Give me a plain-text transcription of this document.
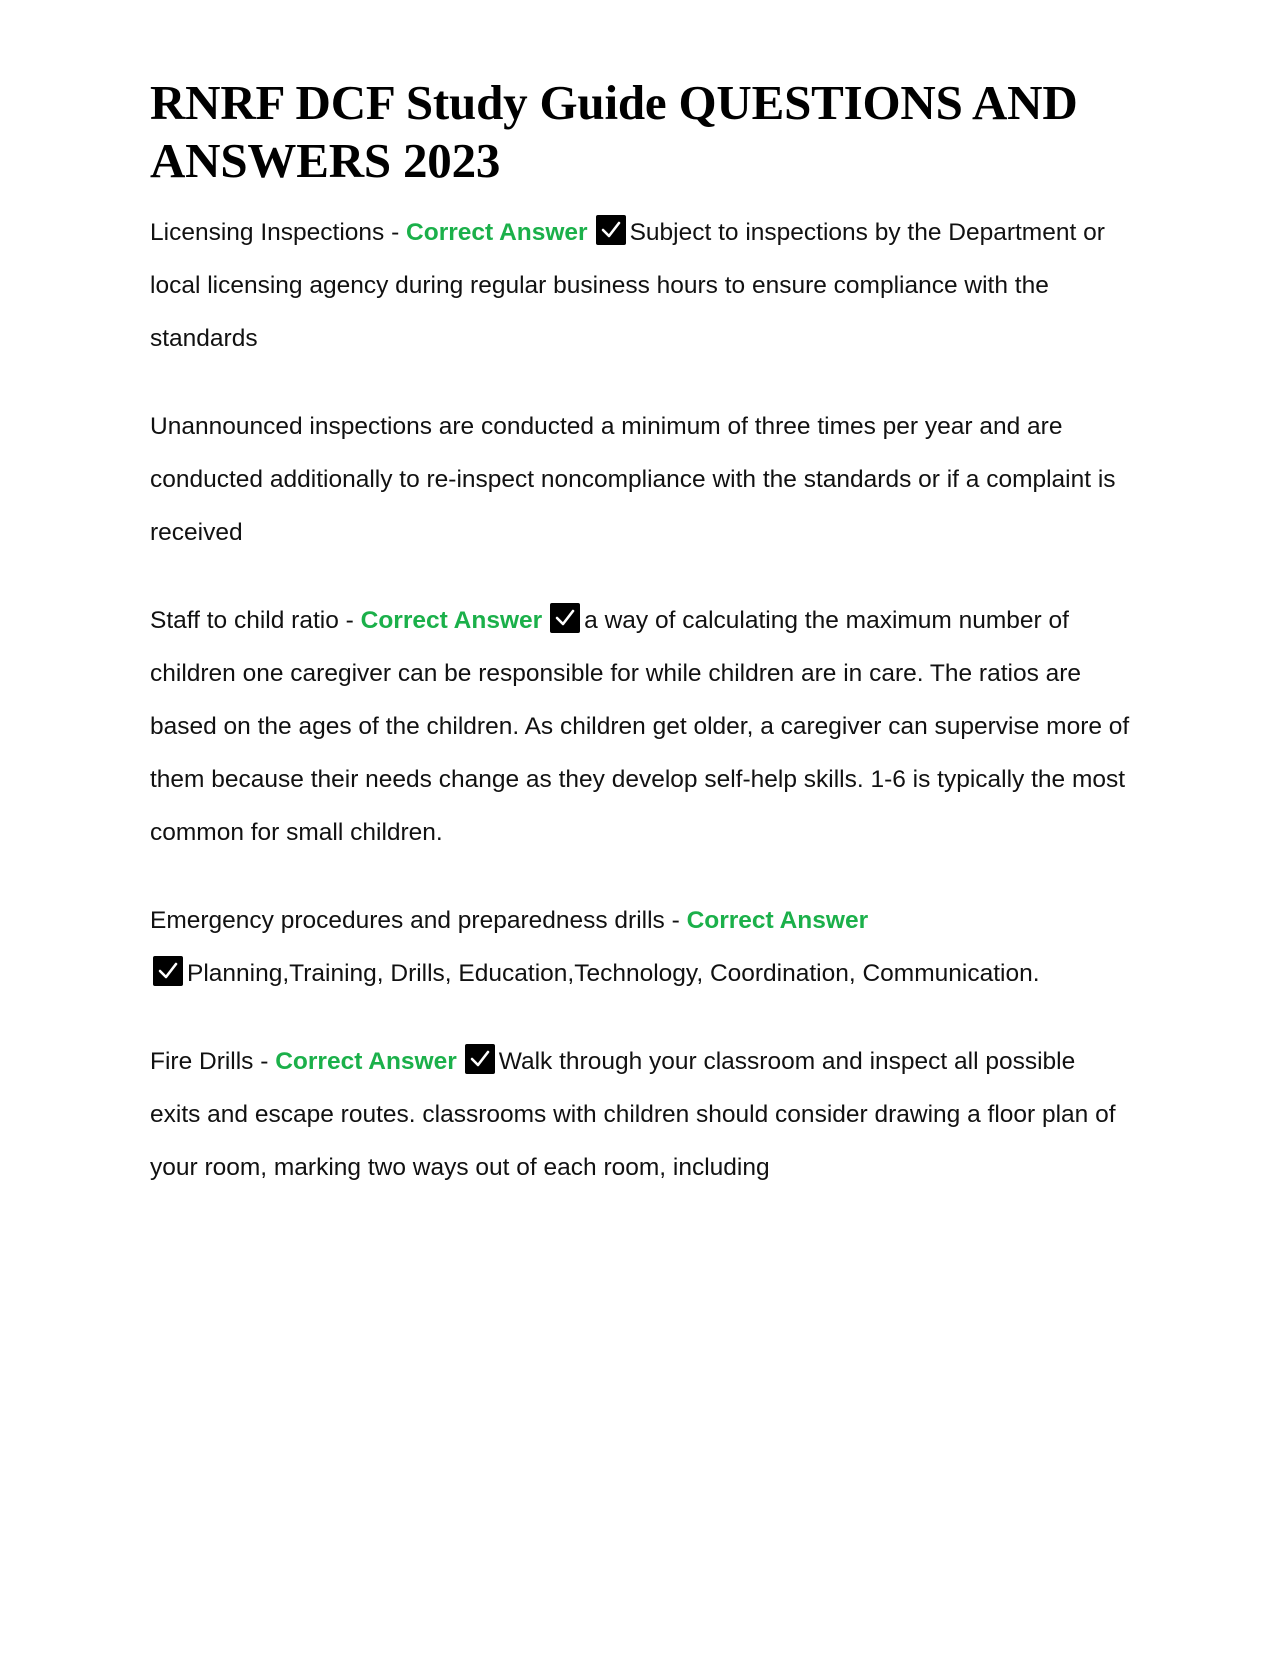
RNRF DCF Study Guide QUESTIONS AND ANSWERS 2023

Licensing Inspections - Correct Answer Subject to inspections by the Department or local licensing agency during regular business hours to ensure compliance with the standards

Unannounced inspections are conducted a minimum of three times per year and are conducted additionally to re-inspect noncompliance with the standards or if a complaint is received

Staff to child ratio - Correct Answer a way of calculating the maximum number of children one caregiver can be responsible for while children are in care. The ratios are based on the ages of the children. As children get older, a caregiver can supervise more of them because their needs change as they develop self-help skills. 1-6 is typically the most common for small children.

Emergency procedures and preparedness drills - Correct Answer

Planning,Training, Drills, Education,Technology, Coordination, Communication.

Fire Drills - Correct Answer Walk through your classroom and inspect all possible exits and escape routes. classrooms with children should consider drawing a floor plan of your room, marking two ways out of each room, including
